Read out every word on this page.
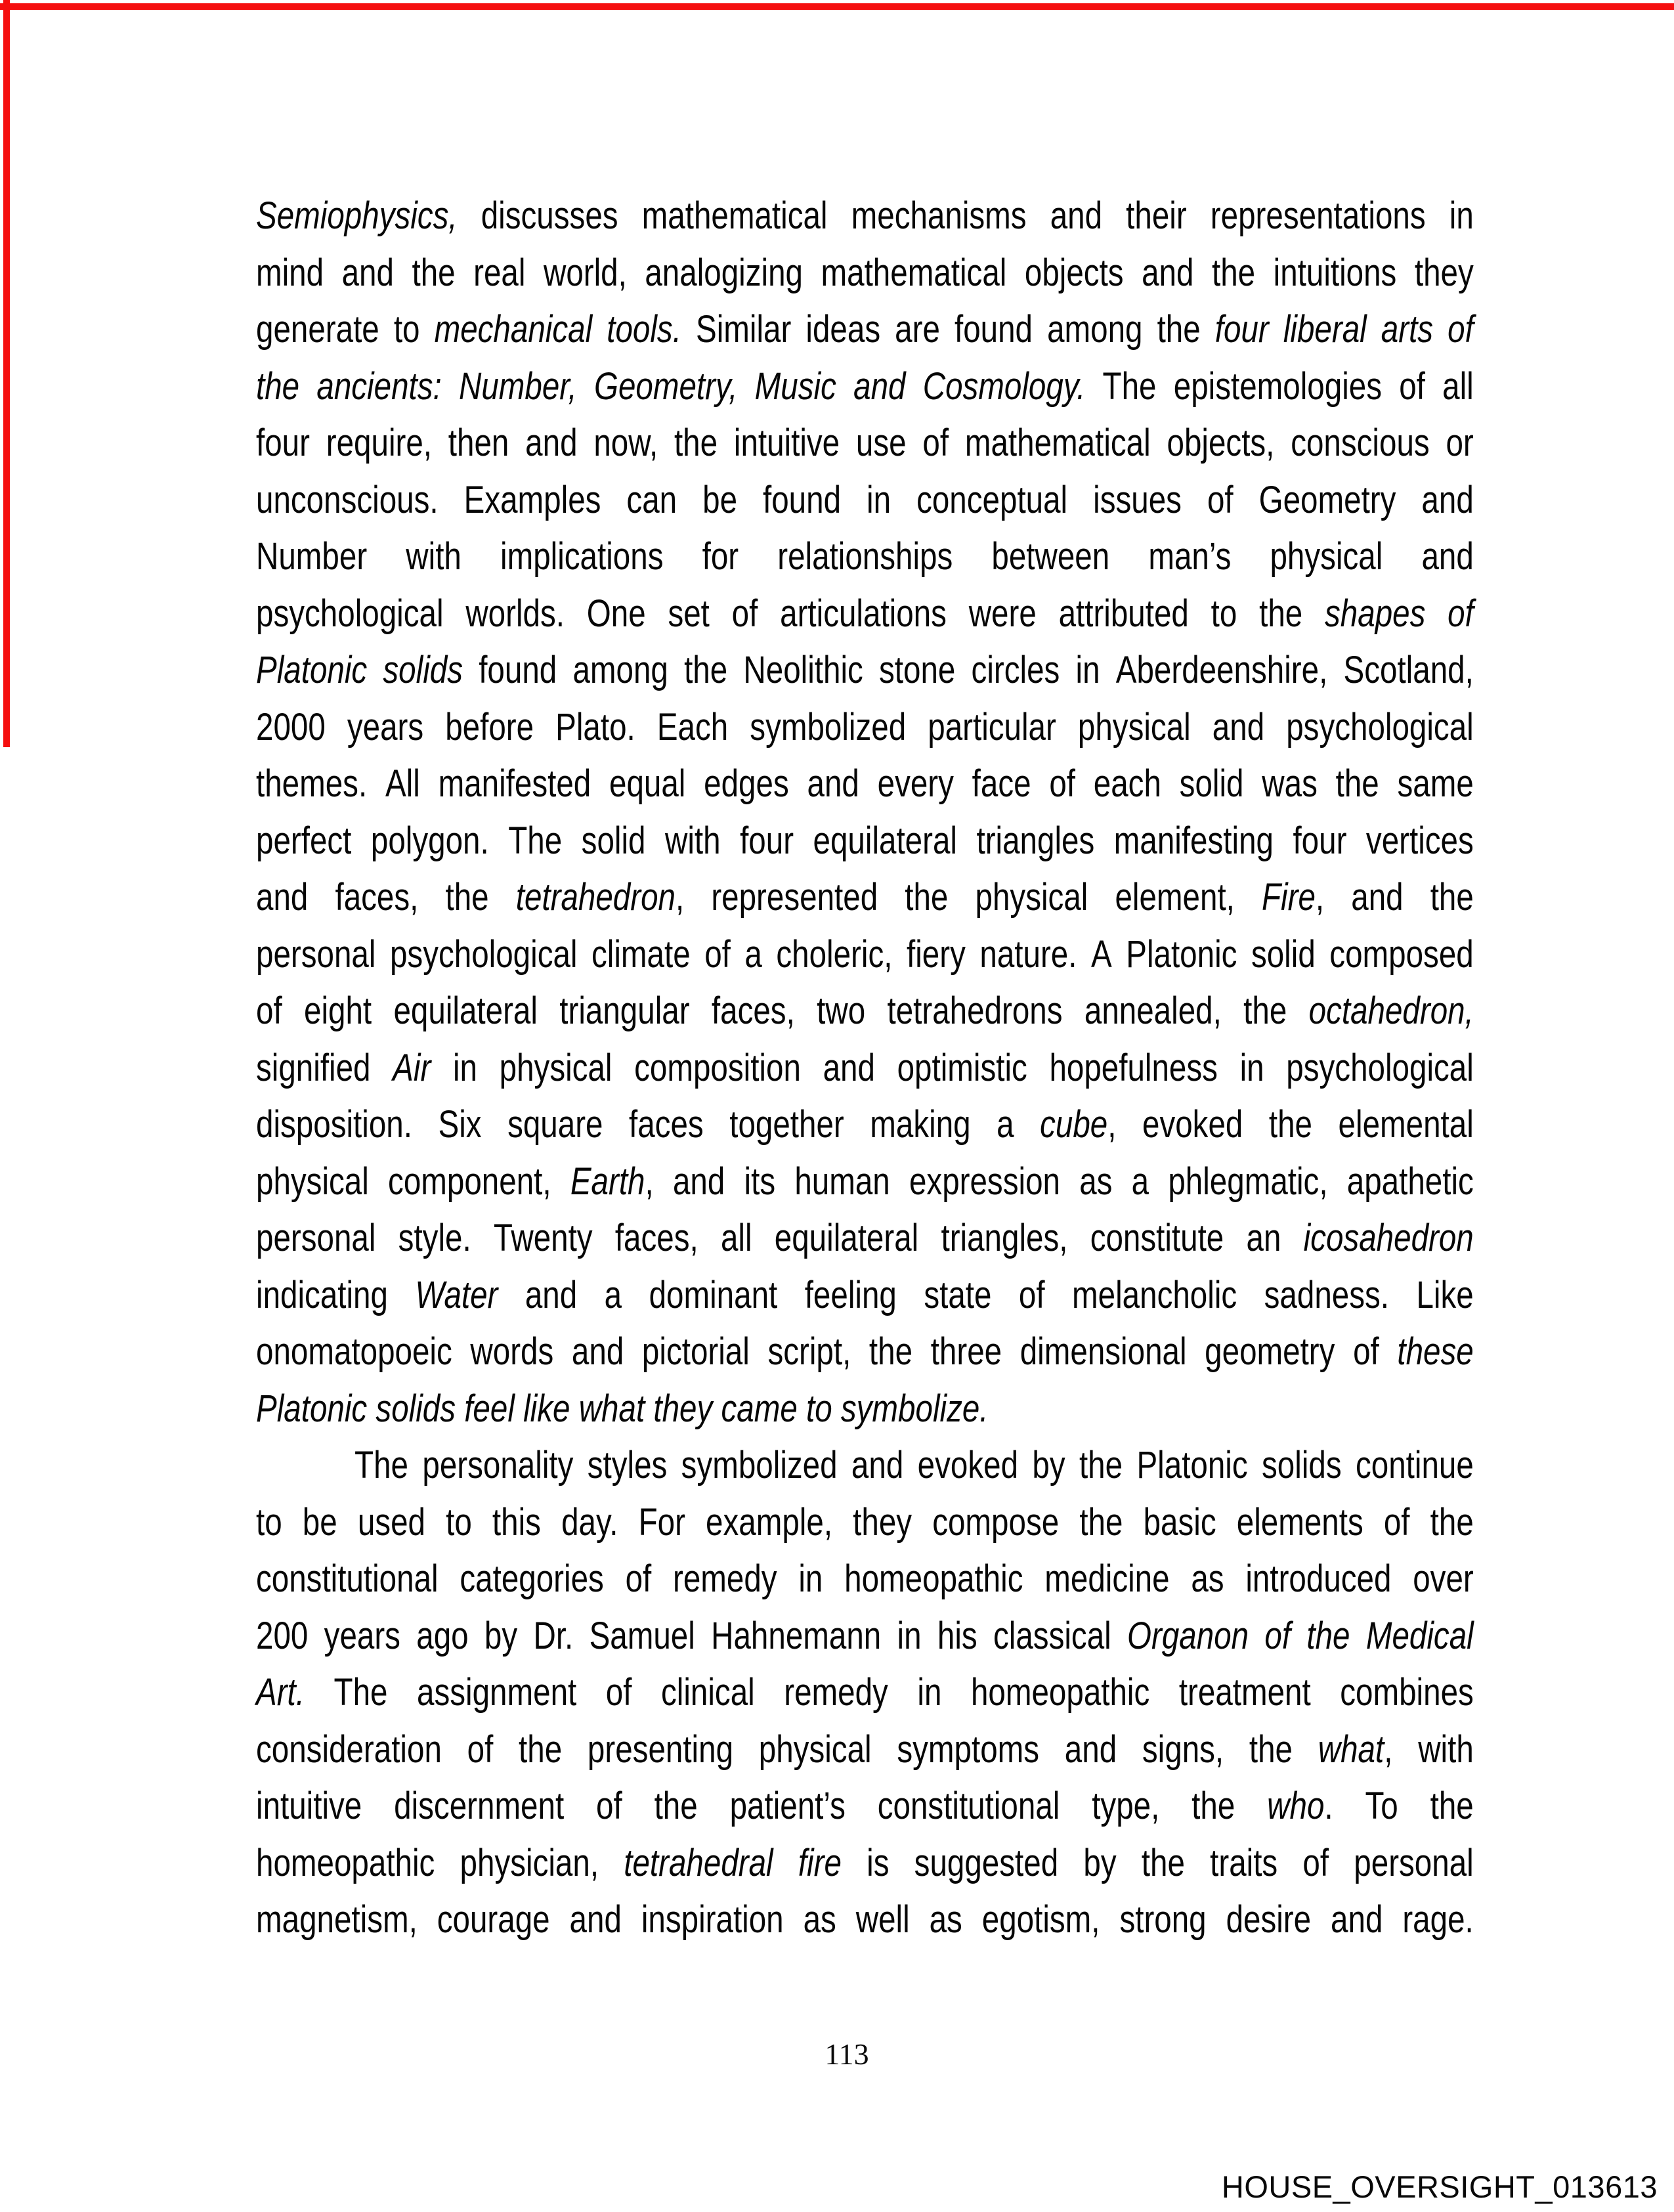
Semiophysics, discusses mathematical mechanisms and their representations in
mind and the real world, analogizing mathematical objects and the intuitions they
generate to mechanical tools. Similar ideas are found among the four liberal arts of
the ancients: Number, Geometry, Music and Cosmology. The epistemologies of all
four require, then and now, the intuitive use of mathematical objects, conscious or
unconscious. Examples can be found in conceptual issues of Geometry and
Number with implications for relationships between man’s physical and
psychological worlds. One set of articulations were attributed to the shapes of
Platonic solids found among the Neolithic stone circles in Aberdeenshire, Scotland,
2000 years before Plato. Each symbolized particular physical and psychological
themes. All manifested equal edges and every face of each solid was the same
perfect polygon. The solid with four equilateral triangles manifesting four vertices
and faces, the tetrahedron, represented the physical element, Fire, and the
personal psychological climate of a choleric, fiery nature. A Platonic solid composed
of eight equilateral triangular faces, two tetrahedrons annealed, the octahedron,
signified Air in physical composition and optimistic hopefulness in psychological
disposition. Six square faces together making a cube, evoked the elemental
physical component, Earth, and its human expression as a phlegmatic, apathetic
personal style. Twenty faces, all equilateral triangles, constitute an icosahedron
indicating Water and a dominant feeling state of melancholic sadness. Like
onomatopoeic words and pictorial script, the three dimensional geometry of these
Platonic solids feel like what they came to symbolize.
The personality styles symbolized and evoked by the Platonic solids continue
to be used to this day. For example, they compose the basic elements of the
constitutional categories of remedy in homeopathic medicine as introduced over
200 years ago by Dr. Samuel Hahnemann in his classical Organon of the Medical
Art. The assignment of clinical remedy in homeopathic treatment combines
consideration of the presenting physical symptoms and signs, the what, with
intuitive discernment of the patient’s constitutional type, the who. To the
homeopathic physician, tetrahedral fire is suggested by the traits of personal
magnetism, courage and inspiration as well as egotism, strong desire and rage.
113
HOUSE_OVERSIGHT_013613
